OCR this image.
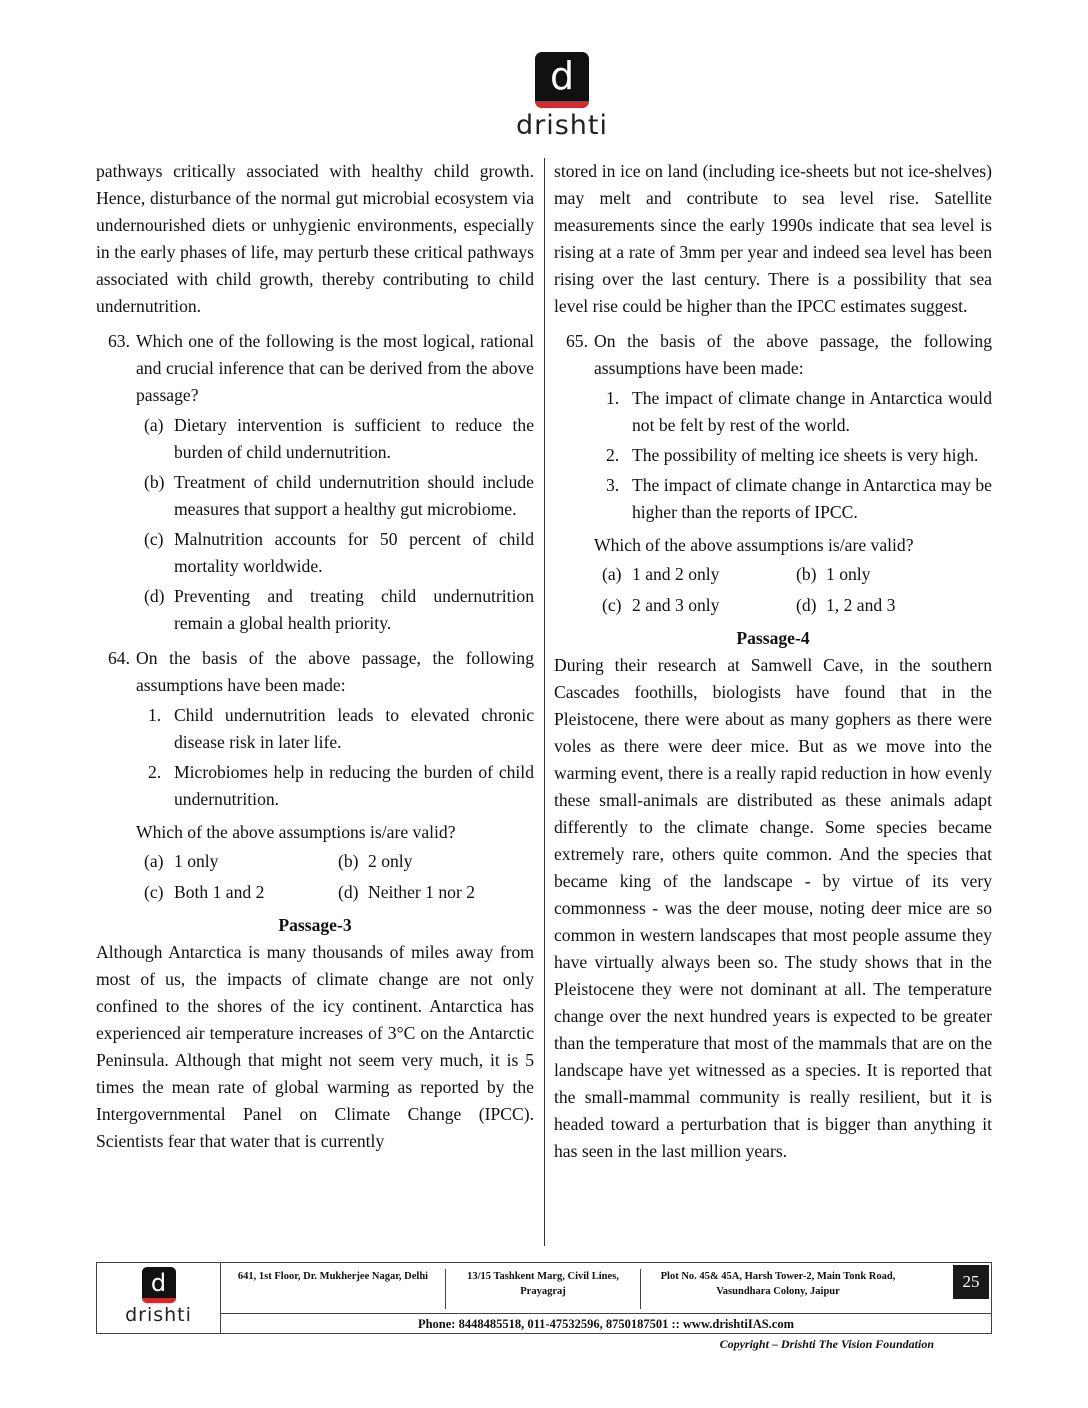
d
drishti

pathways critically associated with healthy child growth. Hence, disturbance of the normal gut microbial ecosystem via undernourished diets or unhygienic environments, especially in the early phases of life, may perturb these critical pathways associated with child growth, thereby contributing to child undernutrition.

63. Which one of the following is the most logical, rational and crucial inference that can be derived from the above passage?
(a) Dietary intervention is sufficient to reduce the burden of child undernutrition.
(b) Treatment of child undernutrition should include measures that support a healthy gut microbiome.
(c) Malnutrition accounts for 50 percent of child mortality worldwide.
(d) Preventing and treating child undernutrition remain a global health priority.
64. On the basis of the above passage, the following assumptions have been made:
1. Child undernutrition leads to elevated chronic disease risk in later life.
2. Microbiomes help in reducing the burden of child undernutrition.
Which of the above assumptions is/are valid?
(a) 1 only	(b) 2 only
(c) Both 1 and 2	(d) Neither 1 nor 2
Passage-3

Although Antarctica is many thousands of miles away from most of us, the impacts of climate change are not only confined to the shores of the icy continent. Antarctica has experienced air temperature increases of 3°C on the Antarctic Peninsula. Although that might not seem very much, it is 5 times the mean rate of global warming as reported by the Intergovernmental Panel on Climate Change (IPCC). Scientists fear that water that is currently

stored in ice on land (including ice-sheets but not ice-shelves) may melt and contribute to sea level rise. Satellite measurements since the early 1990s indicate that sea level is rising at a rate of 3mm per year and indeed sea level has been rising over the last century. There is a possibility that sea level rise could be higher than the IPCC estimates suggest.

65. On the basis of the above passage, the following assumptions have been made:
1. The impact of climate change in Antarctica would not be felt by rest of the world.
2. The possibility of melting ice sheets is very high.
3. The impact of climate change in Antarctica may be higher than the reports of IPCC.
Which of the above assumptions is/are valid?
(a) 1 and 2 only	(b) 1 only
(c) 2 and 3 only	(d) 1, 2 and 3
Passage-4

During their research at Samwell Cave, in the southern Cascades foothills, biologists have found that in the Pleistocene, there were about as many gophers as there were voles as there were deer mice. But as we move into the warming event, there is a really rapid reduction in how evenly these small-animals are distributed as these animals adapt differently to the climate change. Some species became extremely rare, others quite common. And the species that became king of the landscape - by virtue of its very commonness - was the deer mouse, noting deer mice are so common in western landscapes that most people assume they have virtually always been so. The study shows that in the Pleistocene they were not dominant at all. The temperature change over the next hundred years is expected to be greater than the temperature that most of the mammals that are on the landscape have yet witnessed as a species. It is reported that the small-mammal community is really resilient, but it is headed toward a perturbation that is bigger than anything it has seen in the last million years.

d
drishti
641, 1st Floor, Dr. Mukherjee Nagar, Delhi	13/15 Tashkent Marg, Civil Lines, Prayagraj
Plot No. 45& 45A, Harsh Tower-2, Main Tonk Road, Vasundhara Colony, Jaipur
25
Phone: 8448485518, 011-47532596, 8750187501 :: www.drishtiIAS.com
Copyright – Drishti The Vision Foundation
